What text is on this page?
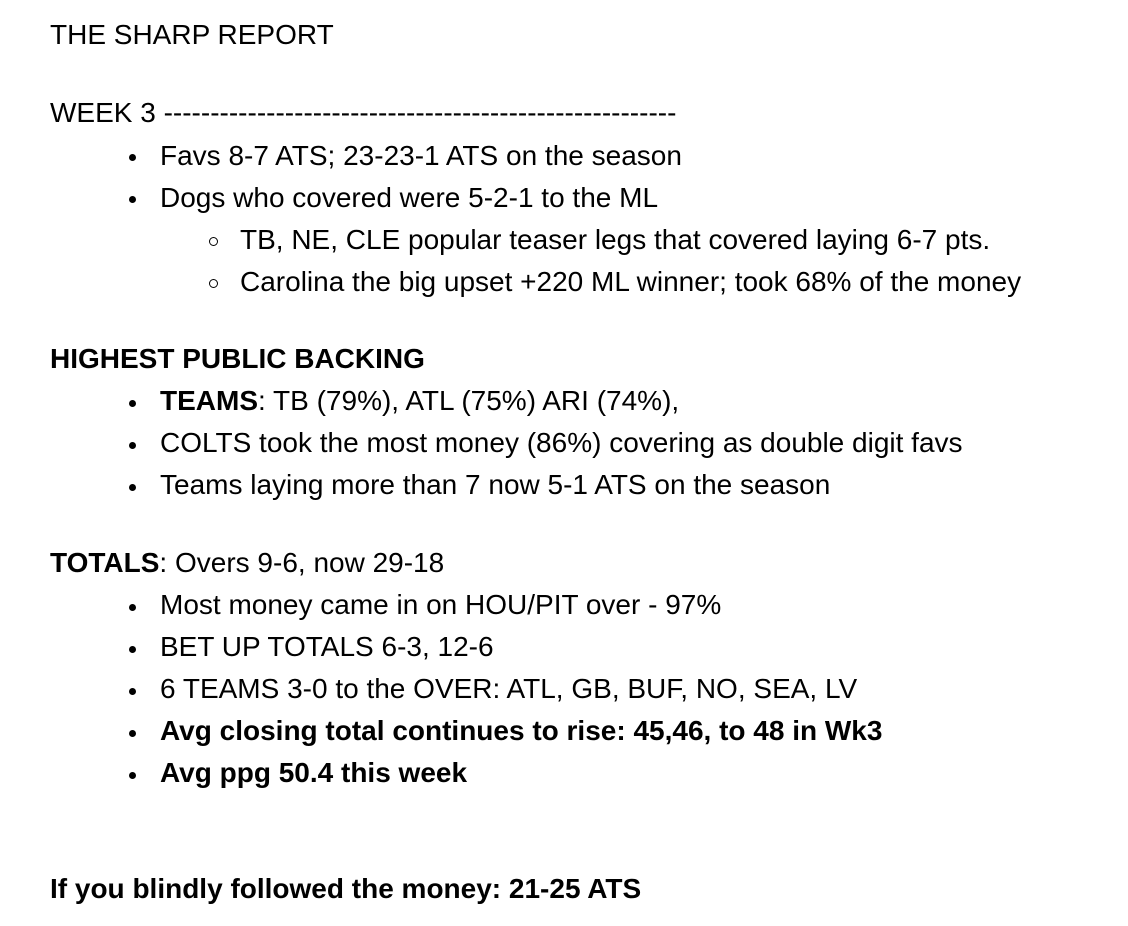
THE SHARP REPORT
WEEK 3 -------------------------------------------------------
Favs 8-7 ATS; 23-23-1 ATS on the season
Dogs who covered were 5-2-1 to the ML
TB, NE, CLE popular teaser legs that covered laying 6-7 pts.
Carolina the big upset +220 ML winner; took 68% of the money
HIGHEST PUBLIC BACKING
TEAMS: TB (79%), ATL (75%) ARI (74%),
COLTS took the most money (86%) covering as double digit favs
Teams laying more than 7 now 5-1 ATS on the season
TOTALS: Overs 9-6, now 29-18
Most money came in on HOU/PIT over - 97%
BET UP TOTALS 6-3, 12-6
6 TEAMS 3-0 to the OVER: ATL, GB, BUF, NO, SEA, LV
Avg closing total continues to rise: 45,46, to 48 in Wk3
Avg ppg 50.4 this week
If you blindly followed the money: 21-25 ATS
